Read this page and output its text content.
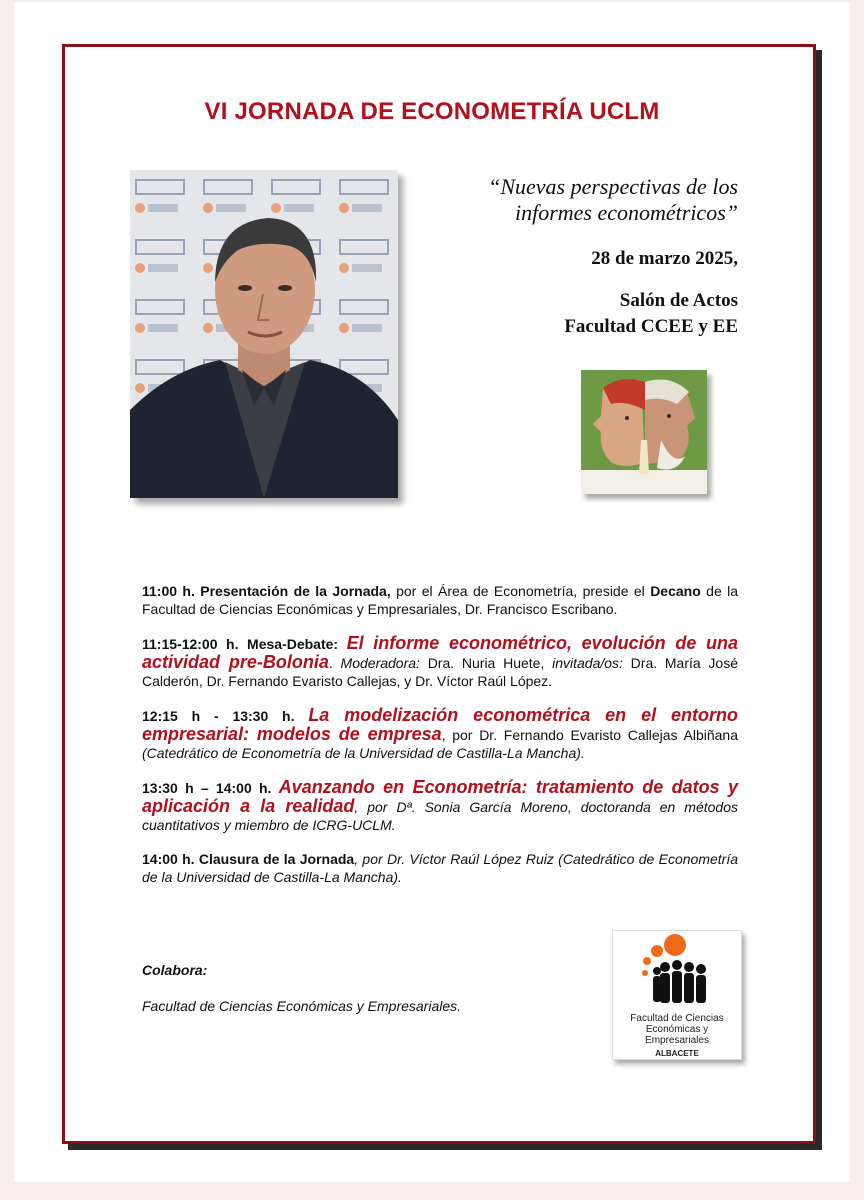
VI JORNADA DE ECONOMETRÍA UCLM
“Nuevas perspectivas de los
informes econométricos”
28 de marzo 2025,
Salón de Actos
Facultad CCEE y EE
11:00 h. Presentación de la Jornada, por el Área de Econometría, preside el Decano de la Facultad de Ciencias Económicas y Empresariales, Dr. Francisco Escribano.
11:15-12:00 h. Mesa-Debate: El informe econométrico, evolución de una actividad pre-Bolonia. Moderadora: Dra. Nuria Huete, invitada/os: Dra. María José Calderón, Dr. Fernando Evaristo Callejas, y Dr. Víctor Raúl López.
12:15 h - 13:30 h. La modelización econométrica en el entorno empresarial: modelos de empresa, por Dr. Fernando Evaristo Callejas Albiñana (Catedrático de Econometría de la Universidad de Castilla-La Mancha).
13:30 h – 14:00 h. Avanzando en Econometría: tratamiento de datos y aplicación a la realidad, por Dª. Sonia García Moreno, doctoranda en métodos cuantitativos y miembro de ICRG-UCLM.
14:00 h. Clausura de la Jornada, por Dr. Víctor Raúl López Ruiz (Catedrático de Econometría de la Universidad de Castilla-La Mancha).
Colabora:
Facultad de Ciencias Económicas y Empresariales.
Facultad de Ciencias
Económicas y Empresariales
ALBACETE
